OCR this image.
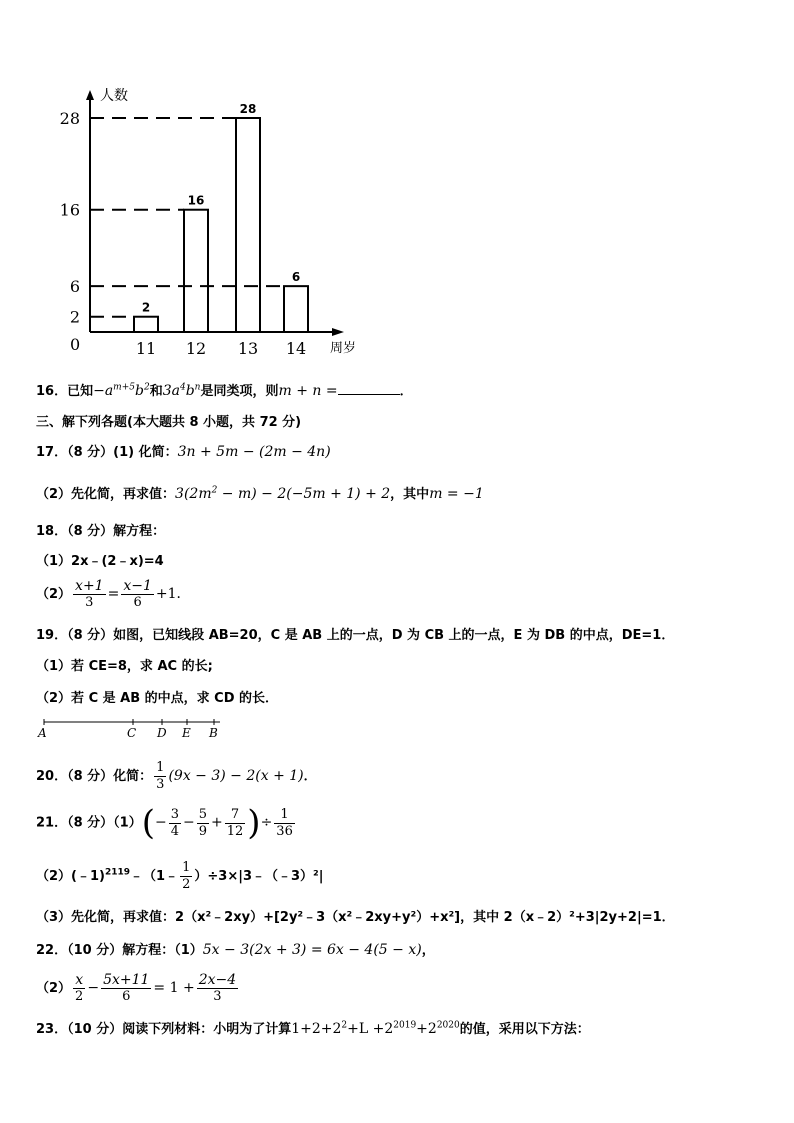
人数
周岁
0
2
11
2
16
12
16
28
13
28
6
14
6
16．已知$-a^{m+5}b^2$和$3a^4b^n$是同类项，则m + n =	．
三、解下列各题(本大题共 8 小题，共 72 分)
17．（8 分）(1) 化简：3n + 5m − (2m − 4n)
（2）先化简，再求值：$3(2m^2 - m) - 2(-5m + 1) + 2$，其中m = −1
18．（8 分）解方程：
（1）2x﹣(2﹣x)=4
$(2) \frac{x+1}{3} = \frac{x-1}{6} +1$．
19．（8 分）如图，已知线段 AB=20，C 是 AB 上的一点，D 为 CB 上的一点，E 为 DB 的中点，DE=1．
（1）若 CE=8，求 AC 的长;
（2）若 C 是 AB 的中点，求 CD 的长．
A	C D E B
20．（8 分）化简： $\frac{1}{3} (9x - 3) - 2(x + 1)$．
21．（8 分）$(1)(- \frac{3}{4} - \frac{5}{9} + \frac{7}{12}$ )÷ $\frac{1}{36}$
（2）(﹣1)$^{2119}$﹣（1﹣ $\frac{1}{2}$ ）÷3×|3﹣（﹣3）²|
（3）先化简，再求值：2（x²﹣2xy）+[2y²﹣3（x²﹣2xy+y²）+x²]，其中 2（x﹣2）²+3|2y+2|=1．
22．（10 分）解方程：（1）5x − 3(2x + 3) = 6x − 4(5 − x)，
$(2) \frac{x}{2} - \frac{5x+11}{6} = 1 + \frac{2x-4}{3}$
23．（10 分）阅读下列材料：小明为了计算$1+2+2^2+L +2^{2019}+2^{2020}$的值，采用以下方法：
